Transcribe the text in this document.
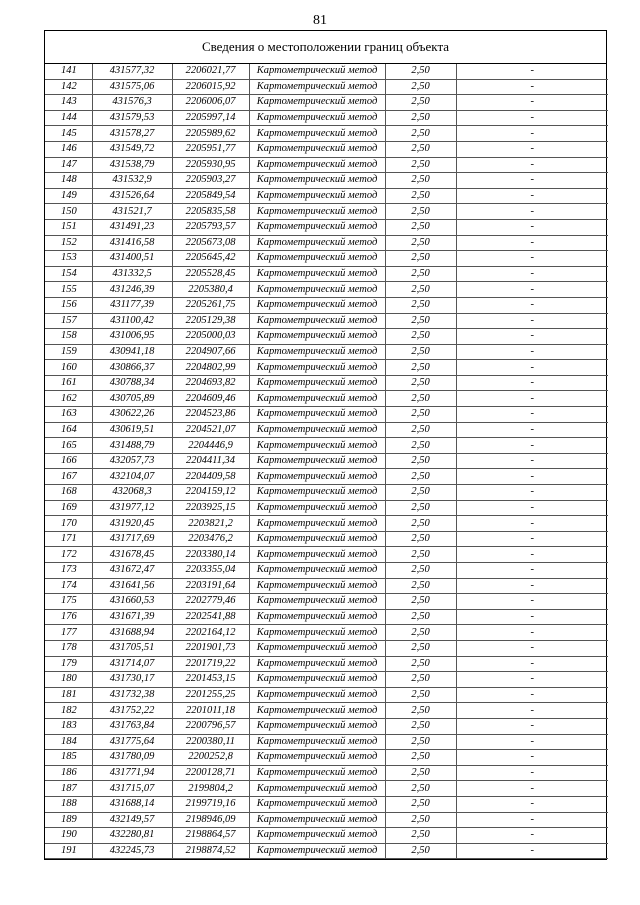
81
Сведения о местоположении границ объекта
141	431577,32	2206021,77	Картометрический метод	2,50	-
142	431575,06	2206015,92	Картометрический метод	2,50	-
143	431576,3	2206006,07	Картометрический метод	2,50	-
144	431579,53	2205997,14	Картометрический метод	2,50	-
145	431578,27	2205989,62	Картометрический метод	2,50	-
146	431549,72	2205951,77	Картометрический метод	2,50	-
147	431538,79	2205930,95	Картометрический метод	2,50	-
148	431532,9	2205903,27	Картометрический метод	2,50	-
149	431526,64	2205849,54	Картометрический метод	2,50	-
150	431521,7	2205835,58	Картометрический метод	2,50	-
151	431491,23	2205793,57	Картометрический метод	2,50	-
152	431416,58	2205673,08	Картометрический метод	2,50	-
153	431400,51	2205645,42	Картометрический метод	2,50	-
154	431332,5	2205528,45	Картометрический метод	2,50	-
155	431246,39	2205380,4	Картометрический метод	2,50	-
156	431177,39	2205261,75	Картометрический метод	2,50	-
157	431100,42	2205129,38	Картометрический метод	2,50	-
158	431006,95	2205000,03	Картометрический метод	2,50	-
159	430941,18	2204907,66	Картометрический метод	2,50	-
160	430866,37	2204802,99	Картометрический метод	2,50	-
161	430788,34	2204693,82	Картометрический метод	2,50	-
162	430705,89	2204609,46	Картометрический метод	2,50	-
163	430622,26	2204523,86	Картометрический метод	2,50	-
164	430619,51	2204521,07	Картометрический метод	2,50	-
165	431488,79	2204446,9	Картометрический метод	2,50	-
166	432057,73	2204411,34	Картометрический метод	2,50	-
167	432104,07	2204409,58	Картометрический метод	2,50	-
168	432068,3	2204159,12	Картометрический метод	2,50	-
169	431977,12	2203925,15	Картометрический метод	2,50	-
170	431920,45	2203821,2	Картометрический метод	2,50	-
171	431717,69	2203476,2	Картометрический метод	2,50	-
172	431678,45	2203380,14	Картометрический метод	2,50	-
173	431672,47	2203355,04	Картометрический метод	2,50	-
174	431641,56	2203191,64	Картометрический метод	2,50	-
175	431660,53	2202779,46	Картометрический метод	2,50	-
176	431671,39	2202541,88	Картометрический метод	2,50	-
177	431688,94	2202164,12	Картометрический метод	2,50	-
178	431705,51	2201901,73	Картометрический метод	2,50	-
179	431714,07	2201719,22	Картометрический метод	2,50	-
180	431730,17	2201453,15	Картометрический метод	2,50	-
181	431732,38	2201255,25	Картометрический метод	2,50	-
182	431752,22	2201011,18	Картометрический метод	2,50	-
183	431763,84	2200796,57	Картометрический метод	2,50	-
184	431775,64	2200380,11	Картометрический метод	2,50	-
185	431780,09	2200252,8	Картометрический метод	2,50	-
186	431771,94	2200128,71	Картометрический метод	2,50	-
187	431715,07	2199804,2	Картометрический метод	2,50	-
188	431688,14	2199719,16	Картометрический метод	2,50	-
189	432149,57	2198946,09	Картометрический метод	2,50	-
190	432280,81	2198864,57	Картометрический метод	2,50	-
191	432245,73	2198874,52	Картометрический метод	2,50	-
